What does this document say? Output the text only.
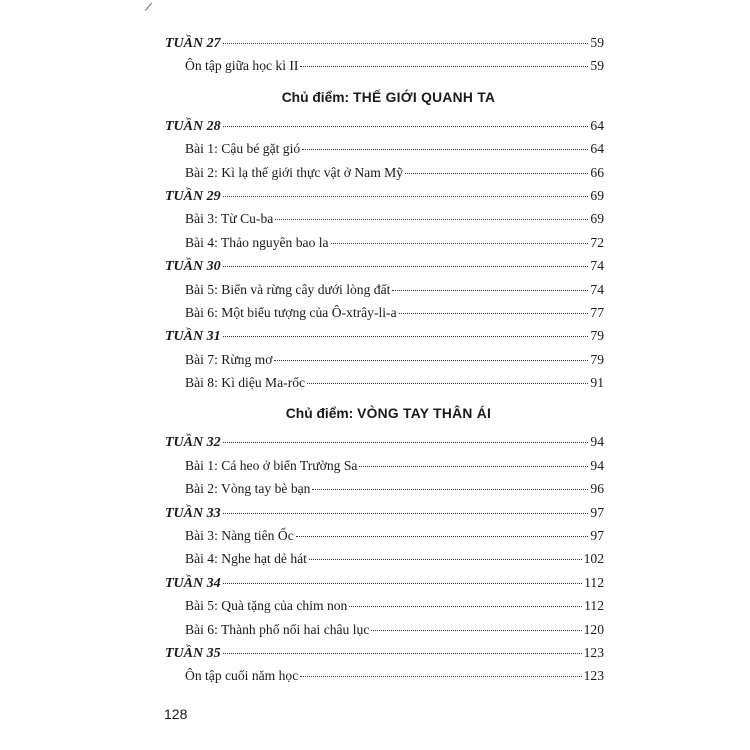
TUẦN 27	59
Ôn tập giữa học kì II	59
Chủ điểm: THẾ GIỚI QUANH TA
TUẦN 28	64
Bài 1: Cậu bé gặt gió	64
Bài 2: Kì lạ thế giới thực vật ở Nam Mỹ	66
TUẦN 29	69
Bài 3: Từ Cu-ba	69
Bài 4: Thảo nguyên bao la	72
TUẦN 30	74
Bài 5: Biển và rừng cây dưới lòng đất	74
Bài 6: Một biểu tượng của Ô-xtrây-li-a	77
TUẦN 31	79
Bài 7: Rừng mơ	79
Bài 8: Kì diệu Ma-rốc	91
Chủ điểm: VÒNG TAY THÂN ÁI
TUẦN 32	94
Bài 1: Cá heo ở biển Trường Sa	94
Bài 2: Vòng tay bè bạn	96
TUẦN 33	97
Bài 3: Nàng tiên Ốc	97
Bài 4: Nghe hạt dẻ hát	102
TUẦN 34	112
Bài 5: Quà tặng của chim non	112
Bài 6: Thành phố nối hai châu lục	120
TUẦN 35	123
Ôn tập cuối năm học	123
128
